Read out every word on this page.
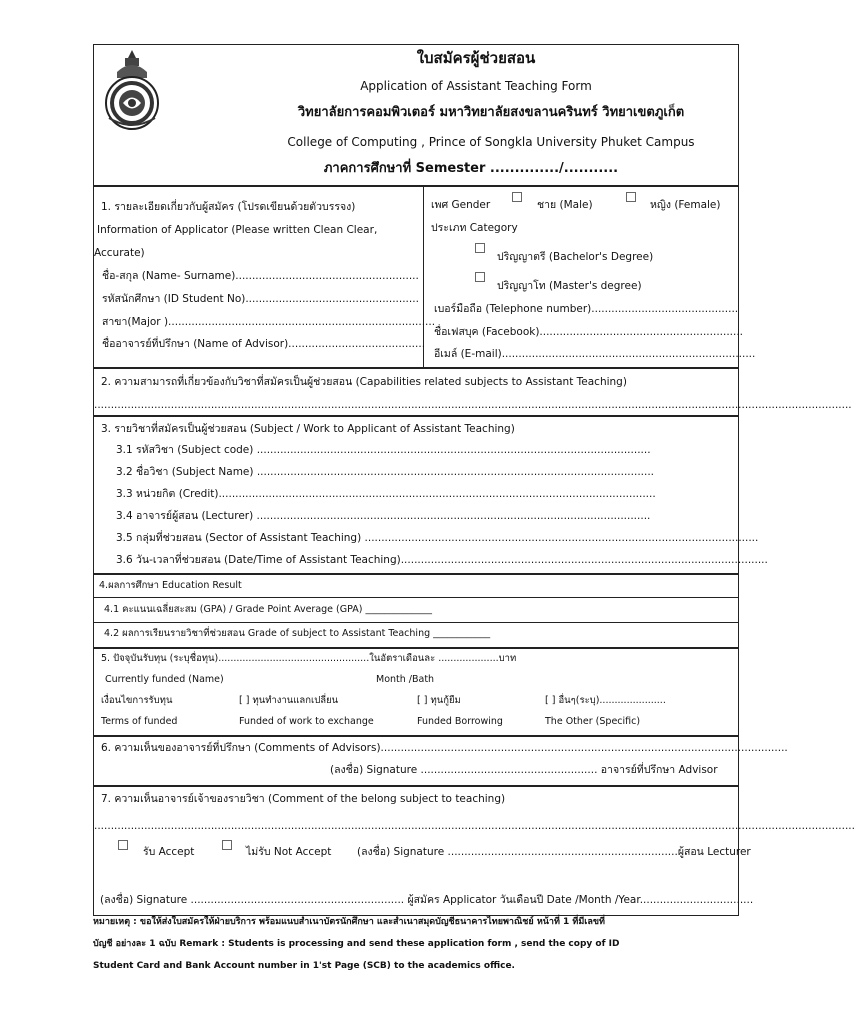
ใบสมัครผู้ช่วยสอน
Application of Assistant Teaching Form
วิทยาลัยการคอมพิวเตอร์ มหาวิทยาลัยสงขลานครินทร์ วิทยาเขตภูเก็ต
College of Computing , Prince of Songkla University Phuket Campus
ภาคการศึกษาที่ Semester ............../...........
1. รายละเอียดเกี่ยวกับผู้สมัคร (โปรดเขียนด้วยตัวบรรจง)
Information of Applicator (Please written Clean Clear,
Accurate)
ชื่อ-สกุล (Name- Surname).......................................................
รหัสนักศึกษา (ID Student No)....................................................
สาขา(Major )................................................................................
ชื่ออาจารย์ที่ปรึกษา (Name of Advisor).........................................
เพศ Gender	ชาย (Male)	หญิง (Female)
ประเภท Category
ปริญญาตรี (Bachelor's Degree)
ปริญญาโท (Master's degree)
เบอร์มือถือ (Telephone number)............................................
ชื่อเฟสบุค (Facebook).............................................................
อีเมล์ (E-mail)............................................................................
2. ความสามารถที่เกี่ยวข้องกับวิชาที่สมัครเป็นผู้ช่วยสอน (Capabilities related subjects to Assistant Teaching)
...................................................................................................................................................................................................................................
3. รายวิชาที่สมัครเป็นผู้ช่วยสอน (Subject / Work to Applicant of Assistant Teaching)
3.1 รหัสวิชา (Subject code) ......................................................................................................................
3.2 ชื่อวิชา (Subject Name) .......................................................................................................................
3.3 หน่วยกิต (Credit)...................................................................................................................................
3.4 อาจารย์ผู้สอน (Lecturer) ......................................................................................................................
3.5 กลุ่มที่ช่วยสอน (Sector of Assistant Teaching) ......................................................................................................................
3.6 วัน-เวลาที่ช่วยสอน (Date/Time of Assistant Teaching)..............................................................................................................
4.ผลการศึกษา Education Result
4.1 คะแนนเฉลี่ยสะสม (GPA) / Grade Point Average (GPA) ______________
4.2 ผลการเรียนรายวิชาที่ช่วยสอน Grade of subject to Assistant Teaching ____________
5. ปัจจุบันรับทุน (ระบุชื่อทุน)..................................................ในอัตราเดือนละ ....................บาท
Currently funded (Name)	Month /Bath
เงื่อนไขการรับทุน	[ ] ทุนทำงานแลกเปลี่ยน	[ ] ทุนกู้ยืม	[ ] อื่นๆ(ระบุ)......................
Terms of funded	Funded of work to exchange	Funded Borrowing	The Other (Specific)
6. ความเห็นของอาจารย์ที่ปรึกษา (Comments of Advisors)..........................................................................................................................
(ลงชื่อ) Signature ..................................................... อาจารย์ที่ปรึกษา Advisor
7. ความเห็นอาจารย์เจ้าของรายวิชา (Comment of the belong subject to teaching)
....................................................................................................................................................................................................................................
รับ Accept	ไม่รับ Not Accept (ลงชื่อ) Signature .....................................................................ผู้สอน Lecturer
(ลงชื่อ) Signature ................................................................ ผู้สมัคร Applicator วันเดือนปี Date /Month /Year..................................
หมายเหตุ : ขอให้ส่งใบสมัครให้ฝ่ายบริการ พร้อมแนบสำเนาบัตรนักศึกษา และสำเนาสมุดบัญชีธนาคารไทยพาณิชย์ หน้าที่ 1 ที่มีเลขที่
บัญชี อย่างละ 1 ฉบับ Remark : Students is processing and send these application form , send the copy of ID
Student Card and Bank Account number in 1'st Page (SCB) to the academics office.
